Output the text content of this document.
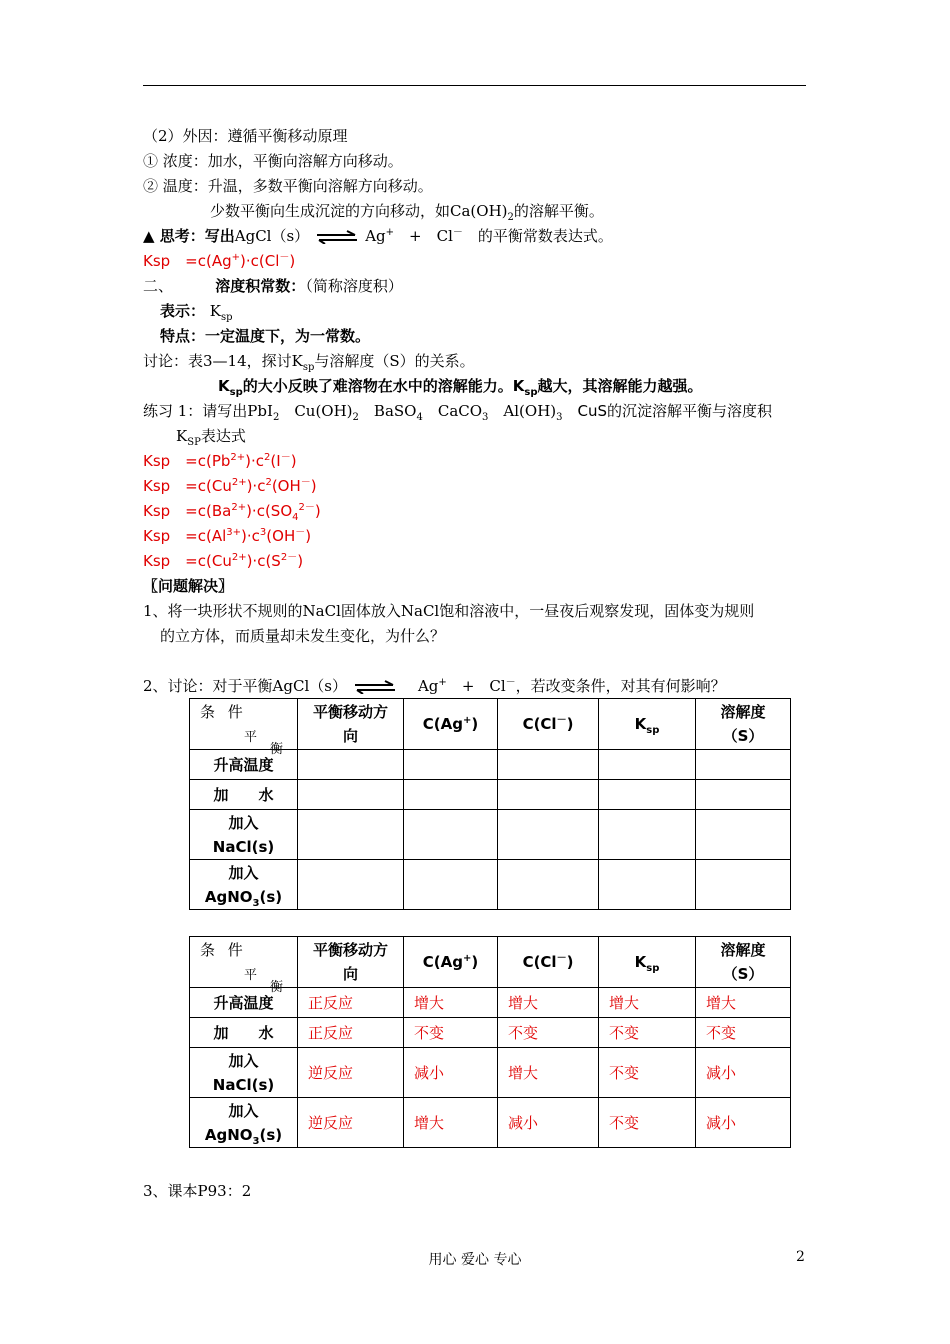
（2）外因：遵循平衡移动原理
① 浓度：加水，平衡向溶解方向移动。
② 温度：升温，多数平衡向溶解方向移动。
少数平衡向生成沉淀的方向移动，如$Ca(OH)_2$的溶解平衡。
▲ 思考：写出AgCl（s） ⇌ Ag+　 +　Cl－　 的平衡常数表达式。
Ksp　=c(Ag+)·c(Cl－)
二、　　　	溶度积常数：（简称溶度积）
表示： $K_{sp}$
特点：一定温度下，为一常数。
讨论：表3—14，探讨$K_{sp}$与溶解度（S）的关系。
$K_{sp}$的大小反映了难溶物在水中的溶解能力。$K_{sp}$越大，其溶解能力越强。
练习 1：请写出PbI$_2$　$Cu(OH)_2$　BaSO$_4$　CaCO$_3$　$Al(OH)_3$　CuS的沉淀溶解平衡与溶度积
$K_{SP}$表达式
Ksp　$=c(Pb^{2+})\cdot c^2(I^-)$
Ksp　$=c(Cu^{2+})\cdot c^2(OH^-)$
Ksp　$=c(Ba^{2+})\cdot c(SO_4^{2-})$
Ksp　$=c(Al^{3+})\cdot c^3(OH^-)$
Ksp　$=c(Cu^{2+})\cdot c(S^{2-})$
〖问题解决〗
1、将一块形状不规则的NaCl固体放入NaCl饱和溶液中，一昼夜后观察发现，固体变为规则
的立方体，而质量却未发生变化，为什么？
2、讨论：对于平衡AgCl（s） ⇌　 Ag+　 +　Cl－，若改变条件，对其有何影响？
平
衡
条 件	平衡移动方
向	C(Ag+)	C(Cl－)	$K_{sp}$	溶解度
（S）
升高温度					
加　　水					
加入
NaCl(s)					
加入
AgNO$_3$(s)					
平
衡
条 件	平衡移动方
向	C(Ag+)	C(Cl－)	$K_{sp}$	溶解度
（S）
升高温度	正反应	增大	增大	增大	增大
加　　水	正反应	不变	不变	不变	不变
加入
NaCl(s)	逆反应	减小	增大	不变	减小
加入
AgNO$_3$(s)	逆反应	增大	减小	不变	减小
3、课本P93：2
用心 爱心 专心	2
